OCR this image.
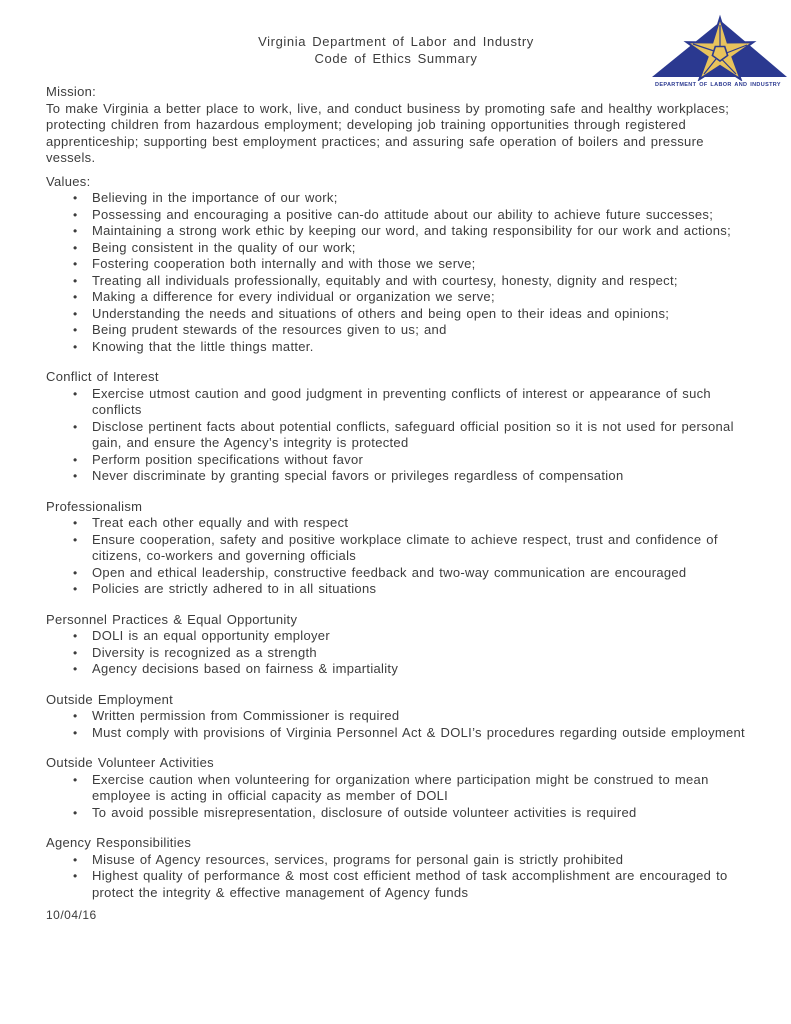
Virginia Department of Labor and Industry
Code of Ethics Summary
DEPARTMENT OF LABOR AND INDUSTRY
Mission:
To make Virginia a better place to work, live, and conduct business by promoting safe and healthy workplaces; protecting children from hazardous employment; developing job training opportunities through registered apprenticeship; supporting best employment practices; and assuring safe operation of boilers and pressure vessels.
Values:
• Believing in the importance of our work;
• Possessing and encouraging a positive can-do attitude about our ability to achieve future successes;
• Maintaining a strong work ethic by keeping our word, and taking responsibility for our work and actions;
• Being consistent in the quality of our work;
• Fostering cooperation both internally and with those we serve;
• Treating all individuals professionally, equitably and with courtesy, honesty, dignity and respect;
• Making a difference for every individual or organization we serve;
• Understanding the needs and situations of others and being open to their ideas and opinions;
• Being prudent stewards of the resources given to us; and
• Knowing that the little things matter.
Conflict of Interest
• Exercise utmost caution and good judgment in preventing conflicts of interest or appearance of such conflicts
• Disclose pertinent facts about potential conflicts, safeguard official position so it is not used for personal gain, and ensure the Agency’s integrity is protected
• Perform position specifications without favor
• Never discriminate by granting special favors or privileges regardless of compensation
Professionalism
• Treat each other equally and with respect
• Ensure cooperation, safety and positive workplace climate to achieve respect, trust and confidence of citizens, co-workers and governing officials
• Open and ethical leadership, constructive feedback and two-way communication are encouraged
• Policies are strictly adhered to in all situations
Personnel Practices & Equal Opportunity
• DOLI is an equal opportunity employer
• Diversity is recognized as a strength
• Agency decisions based on fairness & impartiality
Outside Employment
• Written permission from Commissioner is required
• Must comply with provisions of Virginia Personnel Act & DOLI’s procedures regarding outside employment
Outside Volunteer Activities
• Exercise caution when volunteering for organization where participation might be construed to mean employee is acting in official capacity as member of DOLI
• To avoid possible misrepresentation, disclosure of outside volunteer activities is required
Agency Responsibilities
• Misuse of Agency resources, services, programs for personal gain is strictly prohibited
• Highest quality of performance & most cost efficient method of task accomplishment are encouraged to protect the integrity & effective management of Agency funds
10/04/16
